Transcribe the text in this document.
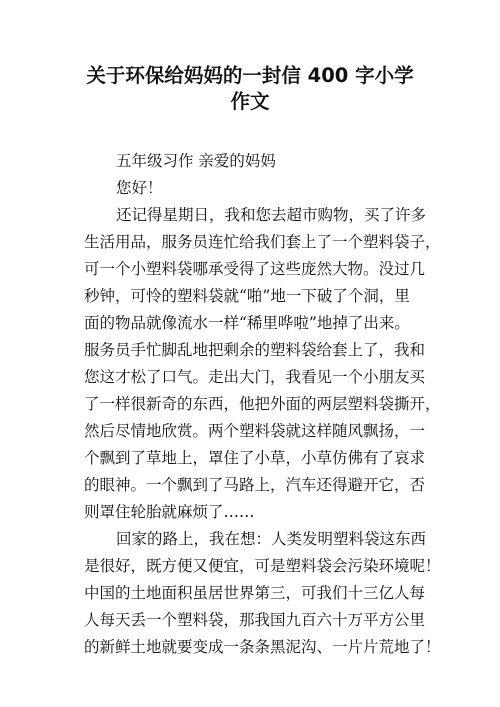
关于环保给妈妈的一封信 400 字小学
作文

五年级习作 亲爱的妈妈

您好！

还记得星期日，我和您去超市购物，买了许多

生活用品，服务员连忙给我们套上了一个塑料袋子，

可一个小塑料袋哪承受得了这些庞然大物。没过几

秒钟，可怜的塑料袋就“啪”地一下破了个洞，里

面的物品就像流水一样“稀里哗啦”地掉了出来。

服务员手忙脚乱地把剩余的塑料袋给套上了，我和

您这才松了口气。走出大门，我看见一个小朋友买

了一样很新奇的东西，他把外面的两层塑料袋撕开，

然后尽情地欣赏。两个塑料袋就这样随风飘扬，一

个飘到了草地上，罩住了小草，小草仿佛有了哀求

的眼神。一个飘到了马路上，汽车还得避开它，否

则罩住轮胎就麻烦了……

回家的路上，我在想：人类发明塑料袋这东西

是很好，既方便又便宜，可是塑料袋会污染环境呢！

中国的土地面积虽居世界第三，可我们十三亿人每

人每天丢一个塑料袋，那我国九百六十万平方公里

的新鲜土地就要变成一条条黑泥沟、一片片荒地了！
